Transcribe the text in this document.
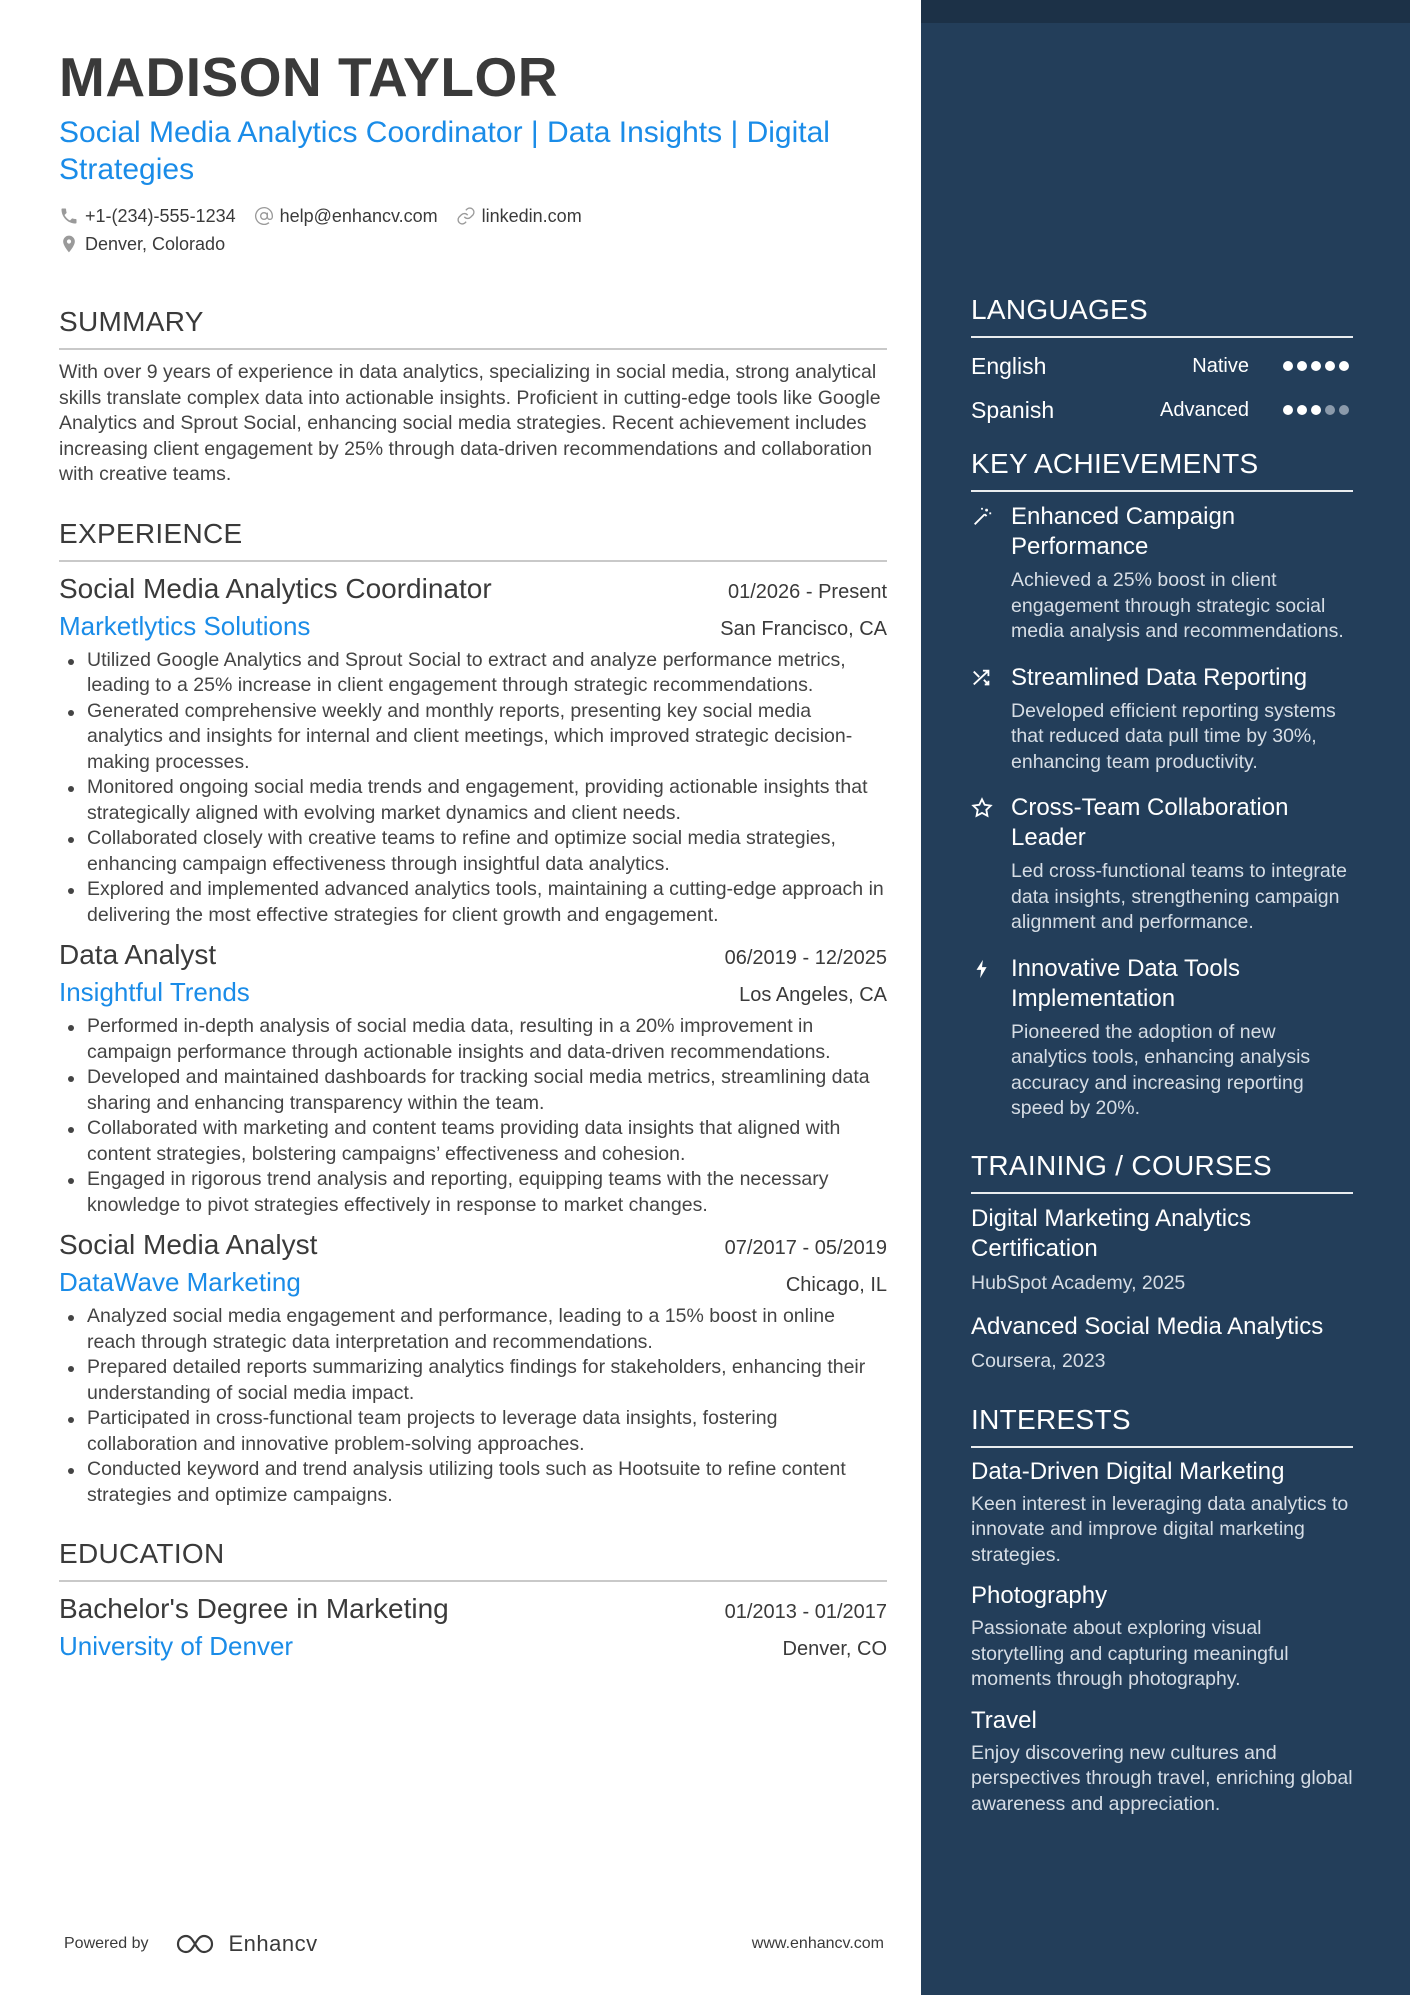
MADISON TAYLOR
Social Media Analytics Coordinator | Data Insights | Digital Strategies
+1-(234)-555-1234 help@enhancv.com linkedin.com
Denver, Colorado
SUMMARY
With over 9 years of experience in data analytics, specializing in social media, strong analytical skills translate complex data into actionable insights. Proficient in cutting-edge tools like Google Analytics and Sprout Social, enhancing social media strategies. Recent achievement includes increasing client engagement by 25% through data-driven recommendations and collaboration with creative teams.
EXPERIENCE
Social Media Analytics Coordinator	01/2026 - Present
Marketlytics Solutions	San Francisco, CA
Utilized Google Analytics and Sprout Social to extract and analyze performance metrics, leading to a 25% increase in client engagement through strategic recommendations.
Generated comprehensive weekly and monthly reports, presenting key social media analytics and insights for internal and client meetings, which improved strategic decision-making processes.
Monitored ongoing social media trends and engagement, providing actionable insights that strategically aligned with evolving market dynamics and client needs.
Collaborated closely with creative teams to refine and optimize social media strategies, enhancing campaign effectiveness through insightful data analytics.
Explored and implemented advanced analytics tools, maintaining a cutting-edge approach in delivering the most effective strategies for client growth and engagement.
Data Analyst	06/2019 - 12/2025
Insightful Trends	Los Angeles, CA
Performed in-depth analysis of social media data, resulting in a 20% improvement in campaign performance through actionable insights and data-driven recommendations.
Developed and maintained dashboards for tracking social media metrics, streamlining data sharing and enhancing transparency within the team.
Collaborated with marketing and content teams providing data insights that aligned with content strategies, bolstering campaigns’ effectiveness and cohesion.
Engaged in rigorous trend analysis and reporting, equipping teams with the necessary knowledge to pivot strategies effectively in response to market changes.
Social Media Analyst	07/2017 - 05/2019
DataWave Marketing	Chicago, IL
Analyzed social media engagement and performance, leading to a 15% boost in online reach through strategic data interpretation and recommendations.
Prepared detailed reports summarizing analytics findings for stakeholders, enhancing their understanding of social media impact.
Participated in cross-functional team projects to leverage data insights, fostering collaboration and innovative problem-solving approaches.
Conducted keyword and trend analysis utilizing tools such as Hootsuite to refine content strategies and optimize campaigns.
EDUCATION
Bachelor's Degree in Marketing	01/2013 - 01/2017
University of Denver	Denver, CO
Powered by	Enhancv	www.enhancv.com
LANGUAGES
English	Native
Spanish	Advanced
KEY ACHIEVEMENTS
Enhanced Campaign Performance
Achieved a 25% boost in client engagement through strategic social media analysis and recommendations.
Streamlined Data Reporting
Developed efficient reporting systems that reduced data pull time by 30%, enhancing team productivity.
Cross-Team Collaboration Leader
Led cross-functional teams to integrate data insights, strengthening campaign alignment and performance.
Innovative Data Tools Implementation
Pioneered the adoption of new analytics tools, enhancing analysis accuracy and increasing reporting speed by 20%.
TRAINING / COURSES
Digital Marketing Analytics Certification
HubSpot Academy, 2025
Advanced Social Media Analytics
Coursera, 2023
INTERESTS
Data-Driven Digital Marketing
Keen interest in leveraging data analytics to innovate and improve digital marketing strategies.
Photography
Passionate about exploring visual storytelling and capturing meaningful moments through photography.
Travel
Enjoy discovering new cultures and perspectives through travel, enriching global awareness and appreciation.
